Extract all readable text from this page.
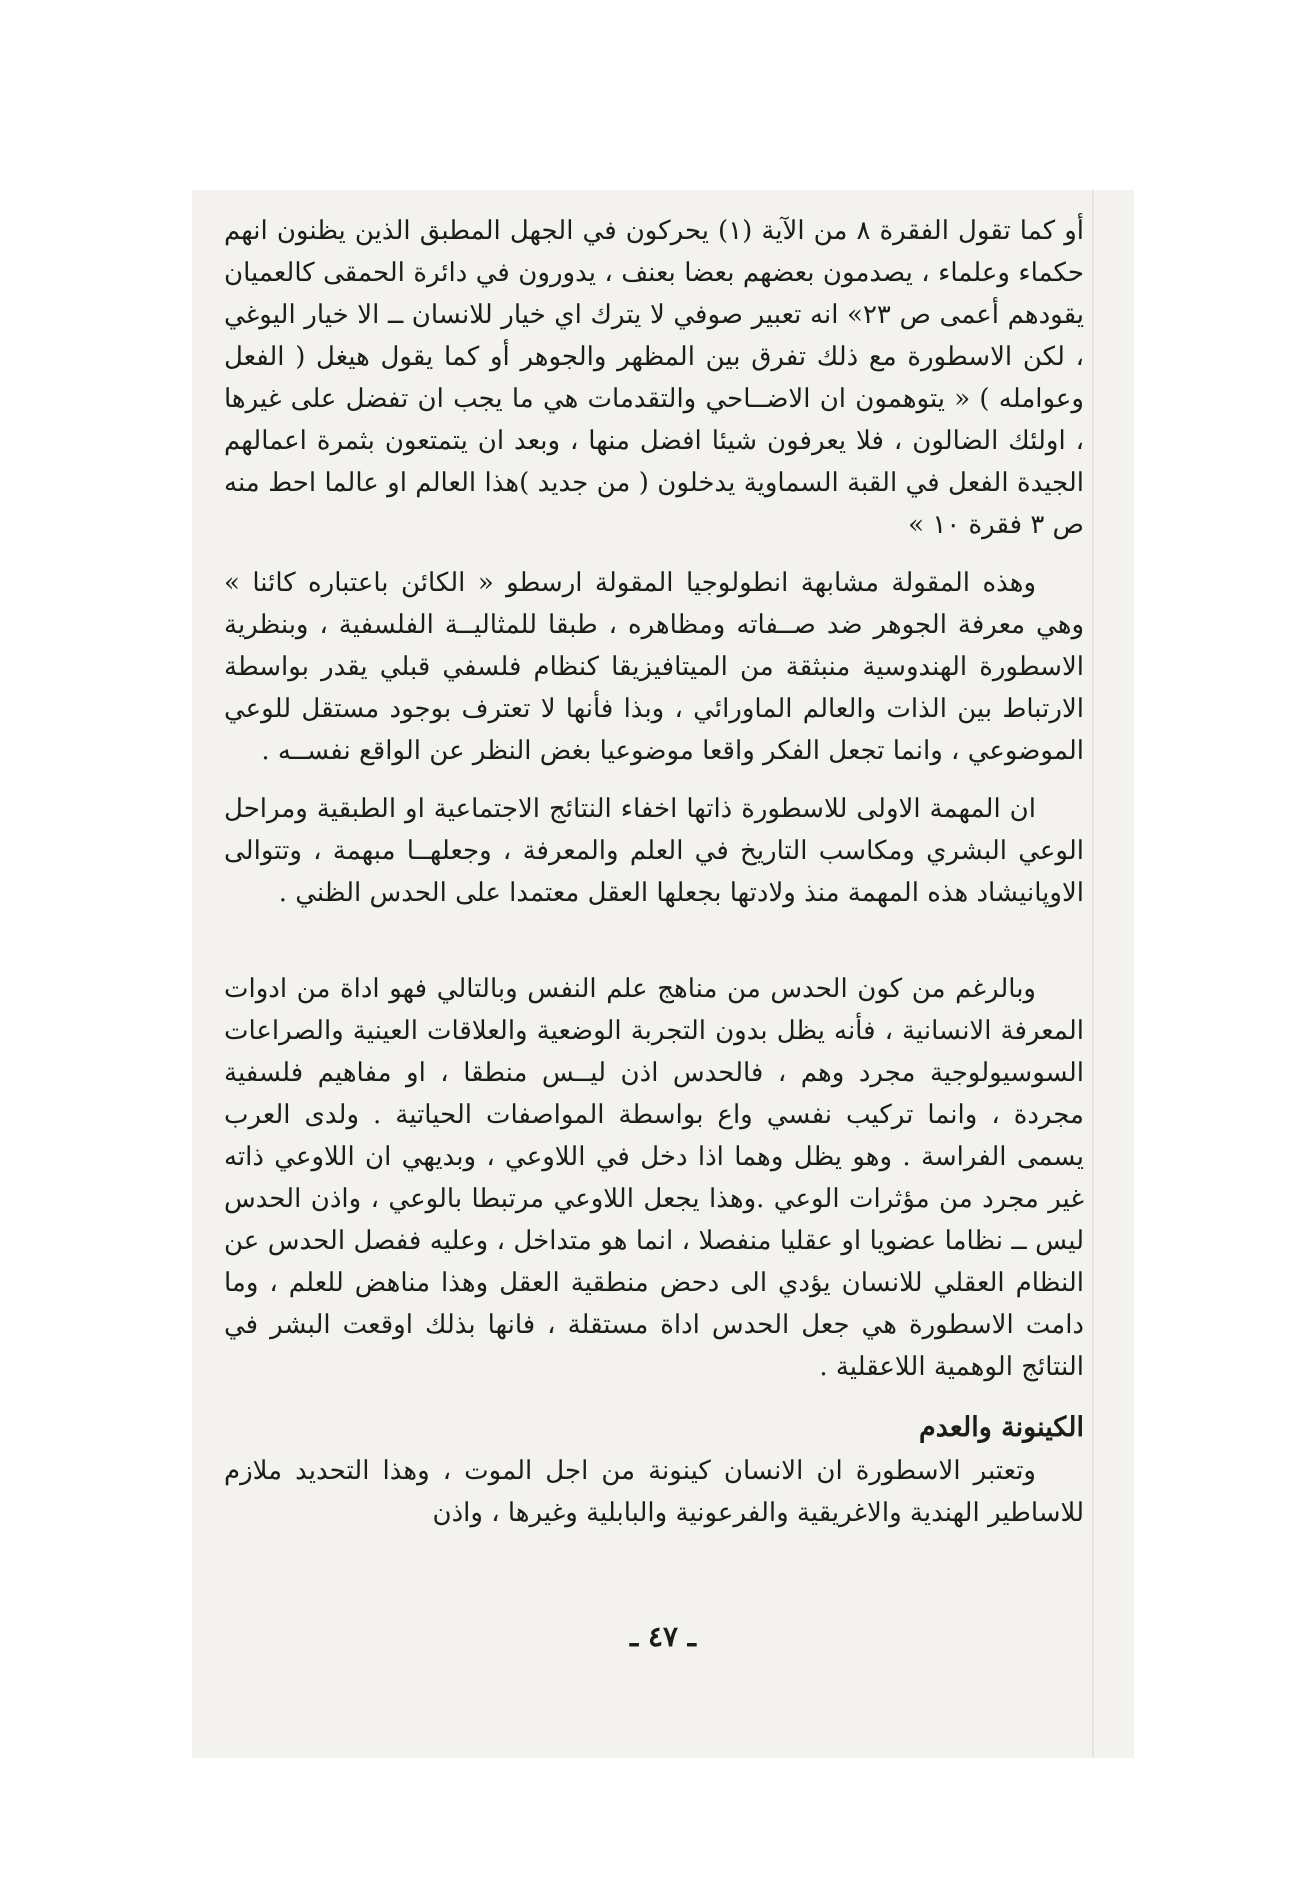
أو كما تقول الفقرة ٨ من الآية (١) يحركون في الجهل المطبق الذين يظنون انهم حكماء وعلماء ، يصدمون بعضهم بعضا بعنف ، يدورون في دائرة الحمقى كالعميان يقودهم أعمى ص ٢٣» انه تعبير صوفي لا يترك اي خيار للانسان ــ الا خيار اليوغي ، لكن الاسطورة مع ذلك تفرق بين المظهر والجوهر أو كما يقول هيغل ( الفعل وعوامله ) « يتوهمون ان الاضــاحي والتقدمات هي ما يجب ان تفضل على غيرها ، اولئك الضالون ، فلا يعرفون شيئا افضل منها ، وبعد ان يتمتعون بثمرة اعمالهم الجيدة الفعل في القبة السماوية يدخلون ( من جديد )هذا العالم او عالما احط منه ص ٣ فقرة ١٠ »

وهذه المقولة مشابهة انطولوجيا المقولة ارسطو « الكائن باعتباره كائنا » وهي معرفة الجوهر ضد صــفاته ومظاهره ، طبقا للمثاليــة الفلسفية ، وبنظرية الاسطورة الهندوسية منبثقة من الميتافيزيقا كنظام فلسفي قبلي يقدر بواسطة الارتباط بين الذات والعالم الماورائي ، وبذا فأنها لا تعترف بوجود مستقل للوعي الموضوعي ، وانما تجعل الفكر واقعا موضوعيا بغض النظر عن الواقع نفســه .

ان المهمة الاولى للاسطورة ذاتها اخفاء النتائج الاجتماعية او الطبقية ومراحل الوعي البشري ومكاسب التاريخ في العلم والمعرفة ، وجعلهــا مبهمة ، وتتوالى الاوپانيشاد هذه المهمة منذ ولادتها بجعلها العقل معتمدا على الحدس الظني .

وبالرغم من كون الحدس من مناهج علم النفس وبالتالي فهو اداة من ادوات المعرفة الانسانية ، فأنه يظل بدون التجربة الوضعية والعلاقات العينية والصراعات السوسيولوجية مجرد وهم ، فالحدس اذن ليــس منطقا ، او مفاهيم فلسفية مجردة ، وانما تركيب نفسي واع بواسطة المواصفات الحياتية . ولدى العرب يسمى الفراسة . وهو يظل وهما اذا دخل في اللاوعي ، وبديهي ان اللاوعي ذاته غير مجرد من مؤثرات الوعي .وهذا يجعل اللاوعي مرتبطا بالوعي ، واذن الحدس ليس ــ نظاما عضويا او عقليا منفصلا ، انما هو متداخل ، وعليه ففصل الحدس عن النظام العقلي للانسان يؤدي الى دحض منطقية العقل وهذا مناهض للعلم ، وما دامت الاسطورة هي جعل الحدس اداة مستقلة ، فانها بذلك اوقعت البشر في النتائج الوهمية اللاعقلية .

الكينونة والعدم

وتعتبر الاسطورة ان الانسان كينونة من اجل الموت ، وهذا التحديد ملازم للاساطير الهندية والاغريقية والفرعونية والبابلية وغيرها ، واذن

ـ ٤٧ ـ
